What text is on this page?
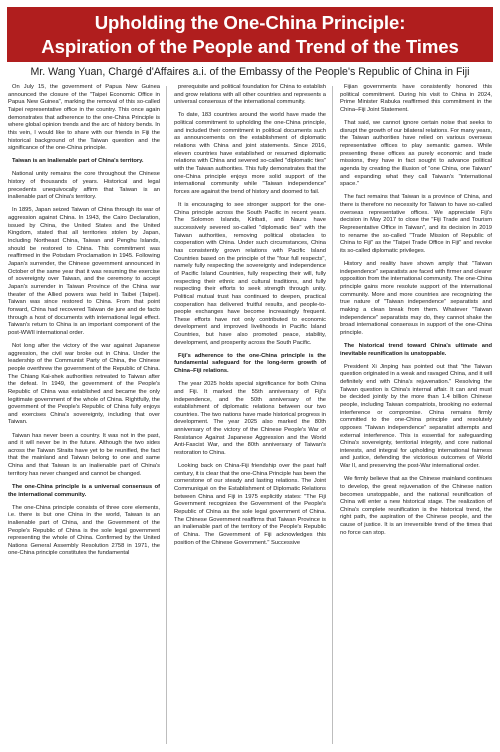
Upholding the One-China Principle:
Aspiration of the People and Trend of the Times
Mr. Wang Yuan, Chargé d'Affaires a.i. of the Embassy of the People's Republic of China in Fiji

On July 15, the government of Papua New Guinea announced the closure of the "Taipei Economic Office in Papua New Guinea", marking the removal of this so-called Taipei representative office in the country. This once again demonstrates that adherence to the one-China Principle is where global opinion trends and the arc of history bends. In this vein, I would like to share with our friends in Fiji the historical background of the Taiwan question and the significance of the one-China principle.

Taiwan is an inalienable part of China's territory.

National unity remains the core throughout the Chinese history of thousands of years. Historical and legal precedents unequivocally affirm that Taiwan is an inalienable part of China's territory.

In 1895, Japan seized Taiwan of China through its war of aggression against China. In 1943, the Cairo Declaration, issued by China, the United States and the United Kingdom, stated that all territories stolen by Japan, including Northeast China, Taiwan and Penghu Islands, should be restored to China. This commitment was reaffirmed in the Potsdam Proclamation in 1945. Following Japan's surrender, the Chinese government announced in October of the same year that it was resuming the exercise of sovereignty over Taiwan, and the ceremony to accept Japan's surrender in Taiwan Province of the China war theater of the Allied powers was held in Taibei (Taipei). Taiwan was since restored to China. From that point forward, China had recovered Taiwan de jure and de facto through a host of documents with international legal effect. Taiwan's return to China is an important component of the post-WWII international order.

Not long after the victory of the war against Japanese aggression, the civil war broke out in China. Under the leadership of the Communist Party of China, the Chinese people overthrew the government of the Republic of China. The Chiang Kai-shek authorities retreated to Taiwan after the defeat. In 1949, the government of the People's Republic of China was established and became the only legitimate government of the whole of China. Rightfully, the government of the People's Republic of China fully enjoys and exercises China's sovereignty, including that over Taiwan.

Taiwan has never been a country. It was not in the past, and it will never be in the future. Although the two sides across the Taiwan Straits have yet to be reunified, the fact that the mainland and Taiwan belong to one and same China and that Taiwan is an inalienable part of China's territory has never changed and cannot be changed.

The one-China principle is a universal consensus of the international community.

The one-China principle consists of three core elements, i.e. there is but one China in the world, Taiwan is an inalienable part of China, and the Government of the People's Republic of China is the sole legal government representing the whole of China. Confirmed by the United Nations General Assembly Resolution 2758 in 1971, the one-China principle constitutes the fundamental

prerequisite and political foundation for China to establish and grow relations with all other countries and represents a universal consensus of the international community.

To date, 183 countries around the world have made the political commitment to upholding the one-China principle, and included their commitment in political documents such as announcements on the establishment of diplomatic relations with China and joint statements. Since 2016, eleven countries have established or resumed diplomatic relations with China and severed so-called "diplomatic ties" with the Taiwan authorities. This fully demonstrates that the one-China principle enjoys more solid support of the international community while "Taiwan independence" forces are against the trend of history and doomed to fail.

It is encouraging to see stronger support for the one-China principle across the South Pacific in recent years. The Solomon Islands, Kiribati, and Nauru have successively severed so-called "diplomatic ties" with the Taiwan authorities, removing political obstacles to cooperation with China. Under such circumstances, China has consistently grown relations with Pacific Island Countries based on the principle of the "four full respects", namely fully respecting the sovereignty and independence of Pacific Island Countries, fully respecting their will, fully respecting their ethnic and cultural traditions, and fully respecting their efforts to seek strength through unity. Political mutual trust has continued to deepen, practical cooperation has delivered fruitful results, and people-to-people exchanges have become increasingly frequent. These efforts have not only contributed to economic development and improved livelihoods in Pacific Island Countries, but have also promoted peace, stability, development, and prosperity across the South Pacific.

Fiji's adherence to the one-China principle is the fundamental safeguard for the long-term growth of China–Fiji relations.

The year 2025 holds special significance for both China and Fiji. It marked the 55th anniversary of Fiji's independence, and the 50th anniversary of the establishment of diplomatic relations between our two countries. The two nations have made historical progress in development. The year 2025 also marked the 80th anniversary of the victory of the Chinese People's War of Resistance Against Japanese Aggression and the World Anti-Fascist War, and the 80th anniversary of Taiwan's restoration to China.

Looking back on China-Fiji friendship over the past half century, it is clear that the one-China Principle has been the cornerstone of our steady and lasting relations. The Joint Communiqué on the Establishment of Diplomatic Relations between China and Fiji in 1975 explicitly states: "The Fiji Government recognizes the Government of the People's Republic of China as the sole legal government of China. The Chinese Government reaffirms that Taiwan Province is an inalienable part of the territory of the People's Republic of China. The Government of Fiji acknowledges this position of the Chinese Government." Successive

Fijian governments have consistently honored this political commitment. During his visit to China in 2024, Prime Minister Rabuka reaffirmed this commitment in the China–Fiji Joint Statement.

That said, we cannot ignore certain noise that seeks to disrupt the growth of our bilateral relations. For many years, the Taiwan authorities have relied on various overseas representative offices to play semantic games. While presenting these offices as purely economic and trade missions, they have in fact sought to advance political agenda by creating the illusion of "one China, one Taiwan" and expanding what they call Taiwan's "international space."

The fact remains that Taiwan is a province of China, and there is therefore no necessity for Taiwan to have so-called overseas representative offices. We appreciate Fiji's decision in May 2017 to close the "Fiji Trade and Tourism Representative Office in Taiwan", and its decision in 2019 to rename the so-called "Trade Mission of Republic of China to Fiji" as the "Taipei Trade Office in Fiji" and revoke its so-called diplomatic privileges.

History and reality have shown amply that "Taiwan independence" separatists are faced with firmer and clearer opposition from the international community. The one-China principle gains more resolute support of the international community. More and more countries are recognizing the true nature of "Taiwan independence" separatists and making a clean break from them. Whatever "Taiwan independence" separatists may do, they cannot shake the broad international consensus in support of the one-China principle.

The historical trend toward China's ultimate and inevitable reunification is unstoppable.

President Xi Jinping has pointed out that "the Taiwan question originated in a weak and ravaged China, and it will definitely end with China's rejuvenation." Resolving the Taiwan question is China's internal affair. It can and must be decided jointly by the more than 1.4 billion Chinese people, including Taiwan compatriots, brooking no external interference or compromise. China remains firmly committed to the one-China principle and resolutely opposes "Taiwan independence" separatist attempts and external interference. This is essential for safeguarding China's sovereignty, territorial integrity, and core national interests, and integral for upholding international fairness and justice, defending the victorious outcomes of World War II, and preserving the post-War international order.

We firmly believe that as the Chinese mainland continues to develop, the great rejuvenation of the Chinese nation becomes unstoppable, and the national reunification of China will enter a new historical stage. The realization of China's complete reunification is the historical trend, the right path, the aspiration of the Chinese people, and the cause of justice. It is an irreversible trend of the times that no force can stop.
